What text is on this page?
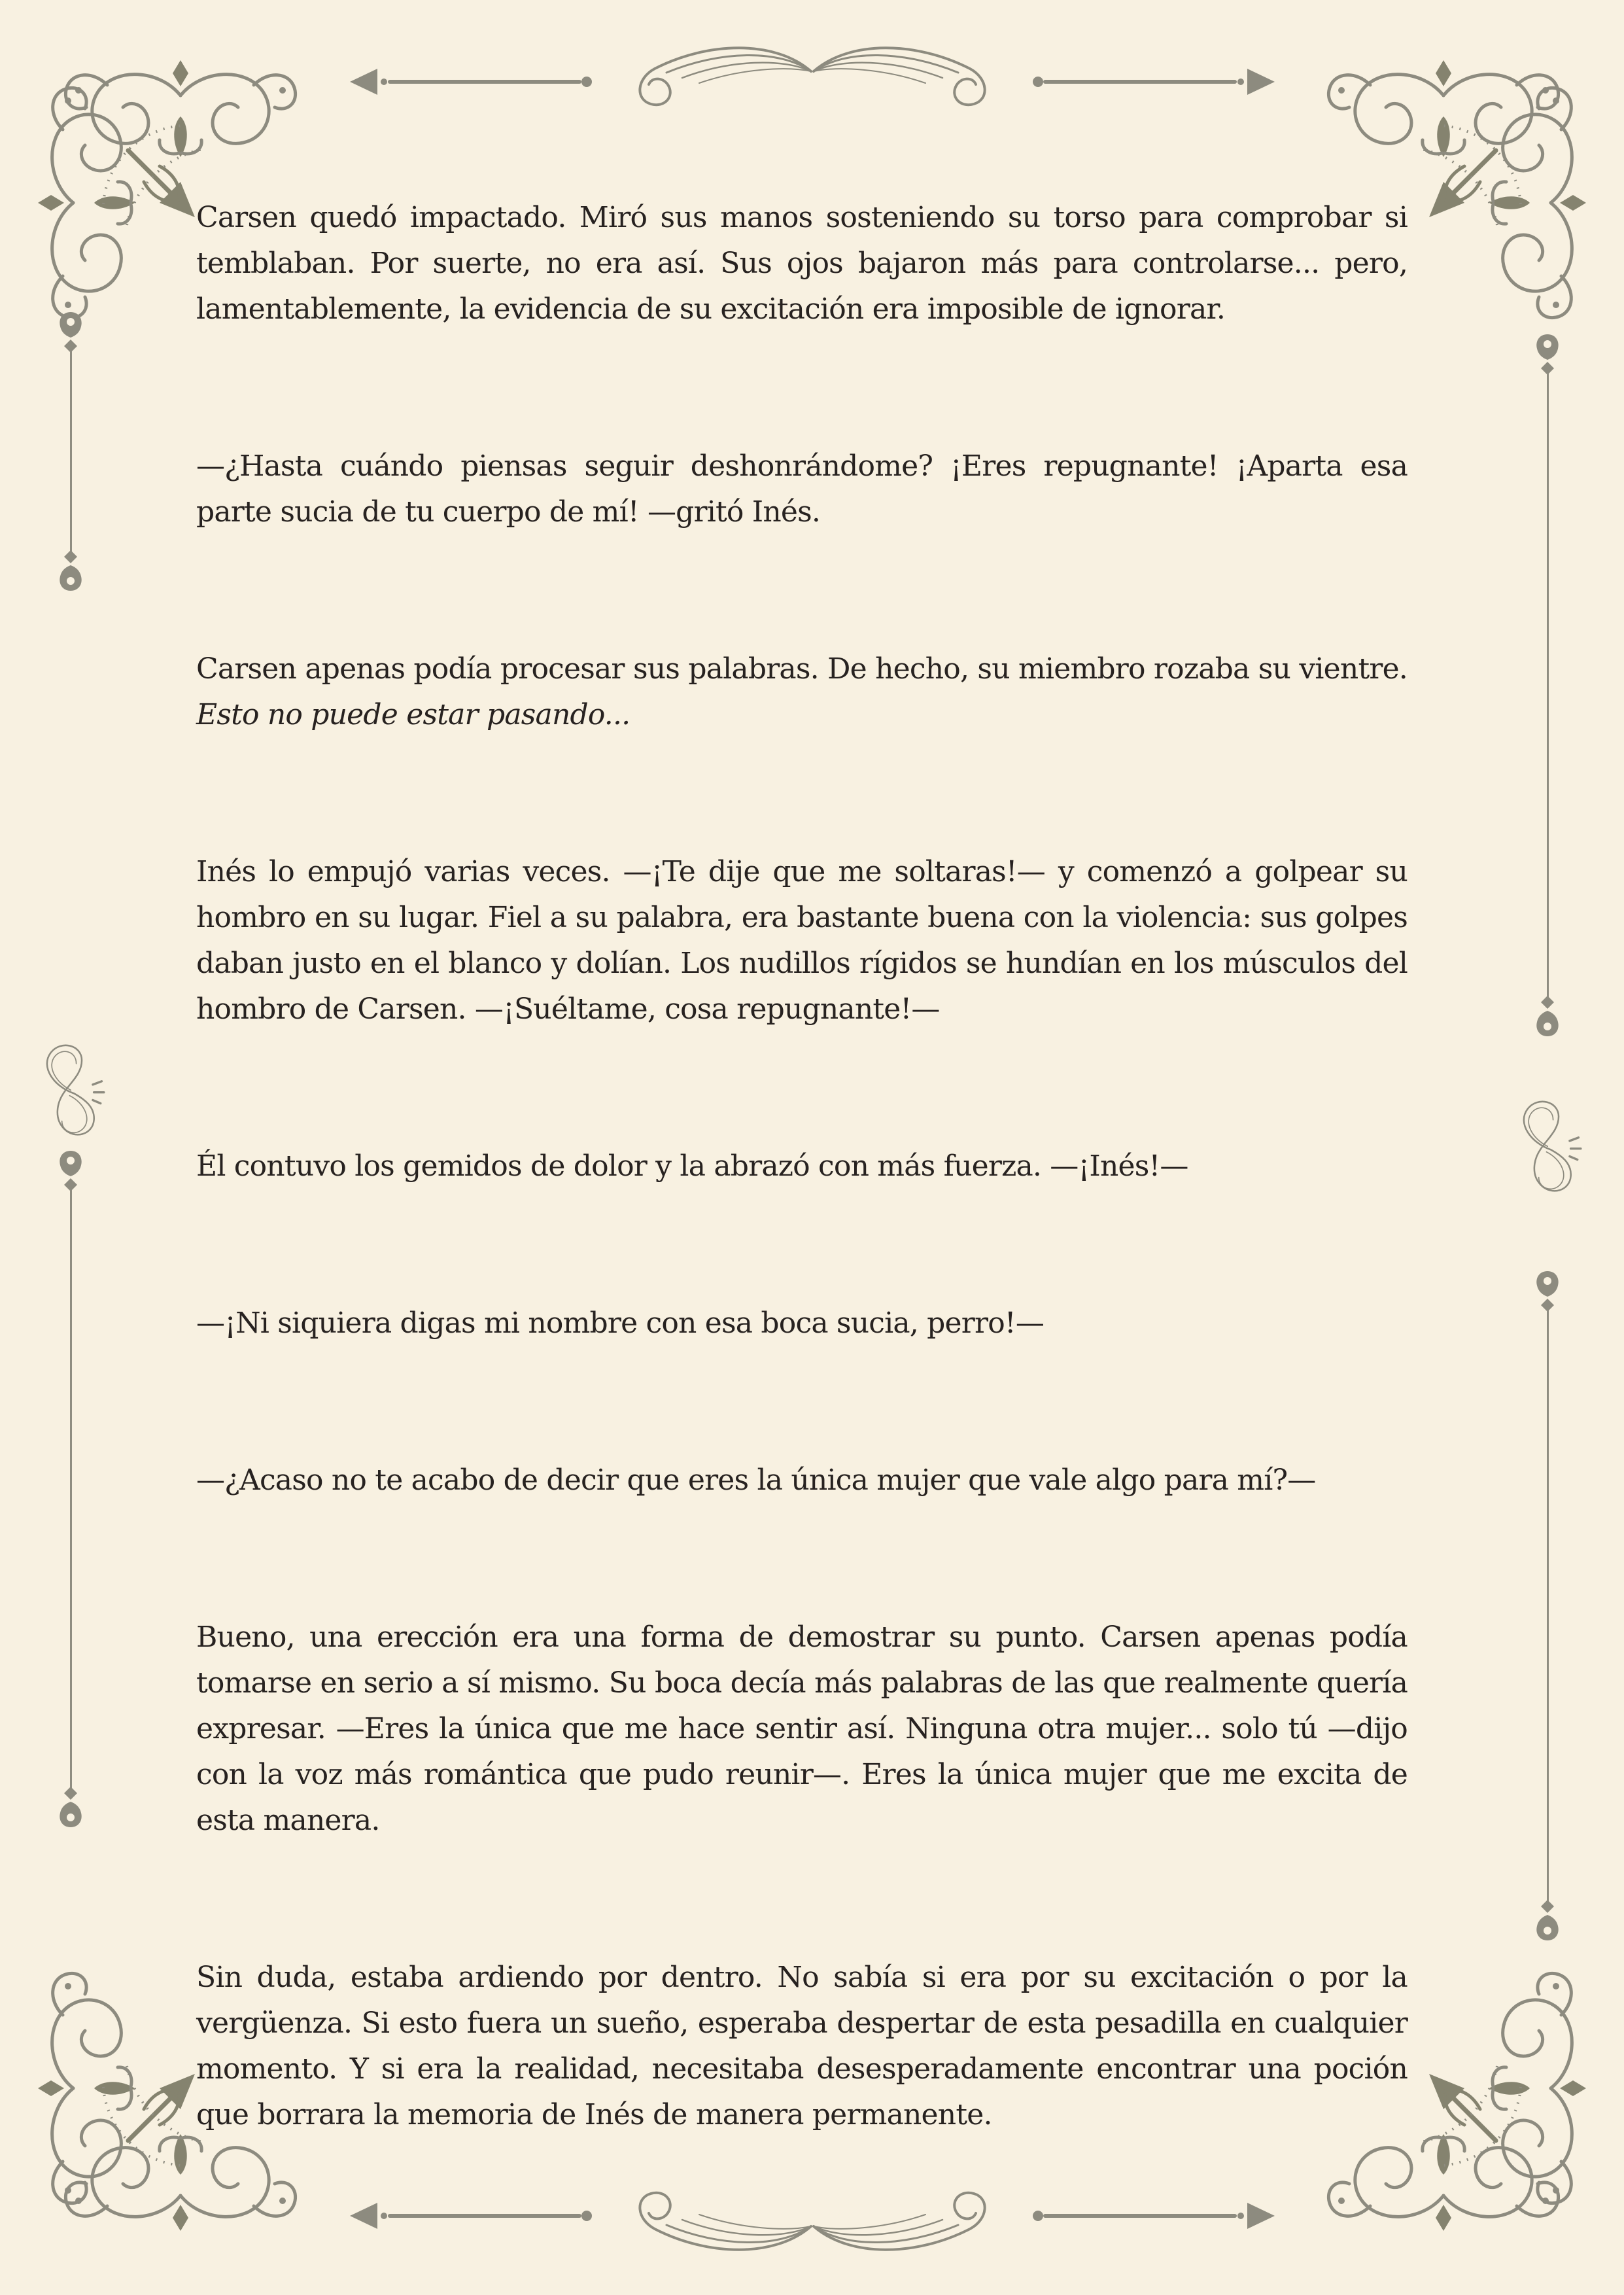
Carsen quedó impactado. Miró sus manos sosteniendo su torso para comprobar si temblaban. Por suerte, no era así. Sus ojos bajaron más para controlarse... pero, lamentablemente, la evidencia de su excitación era imposible de ignorar.

—¿Hasta cuándo piensas seguir deshonrándome? ¡Eres repugnante! ¡Aparta esa parte sucia de tu cuerpo de mí! —gritó Inés.

Carsen apenas podía procesar sus palabras. De hecho, su miembro rozaba su vientre. Esto no puede estar pasando...

Inés lo empujó varias veces. —¡Te dije que me soltaras!— y comenzó a golpear su hombro en su lugar. Fiel a su palabra, era bastante buena con la violencia: sus golpes daban justo en el blanco y dolían. Los nudillos rígidos se hundían en los músculos del hombro de Carsen. —¡Suéltame, cosa repugnante!—

Él contuvo los gemidos de dolor y la abrazó con más fuerza. —¡Inés!—

—¡Ni siquiera digas mi nombre con esa boca sucia, perro!—

—¿Acaso no te acabo de decir que eres la única mujer que vale algo para mí?—

Bueno, una erección era una forma de demostrar su punto. Carsen apenas podía tomarse en serio a sí mismo. Su boca decía más palabras de las que realmente quería expresar. —Eres la única que me hace sentir así. Ninguna otra mujer... solo tú —dijo con la voz más romántica que pudo reunir—. Eres la única mujer que me excita de esta manera.

Sin duda, estaba ardiendo por dentro. No sabía si era por su excitación o por la vergüenza. Si esto fuera un sueño, esperaba despertar de esta pesadilla en cualquier momento. Y si era la realidad, necesitaba desesperadamente encontrar una poción que borrara la memoria de Inés de manera permanente.
